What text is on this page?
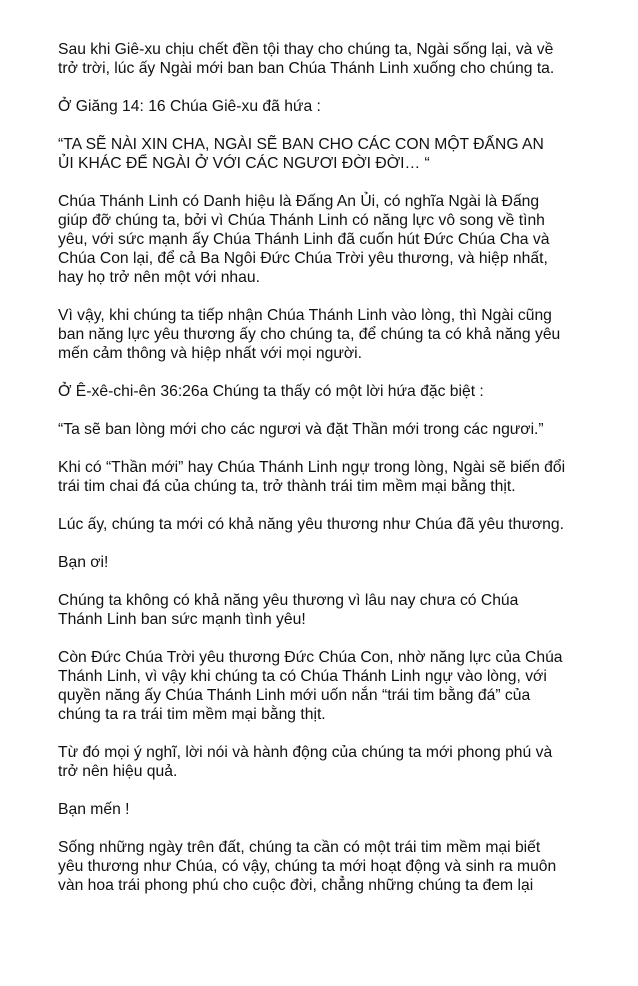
Sau khi Giê-xu chịu chết đền tội thay cho chúng ta, Ngài sống lại, và về
trở trời, lúc ấy Ngài mới ban ban Chúa Thánh Linh xuống cho chúng ta.

Ở Giăng 14: 16 Chúa Giê-xu đã hứa :

“TA SẼ NÀI XIN CHA, NGÀI SẼ BAN CHO CÁC CON MỘT ĐẤNG AN
ỦI KHÁC ĐỂ NGÀI Ở VỚI CÁC NGƯƠI ĐỜI ĐỜI… “

Chúa Thánh Linh có Danh hiệu là Đấng An Ủi, có nghĩa Ngài là Đấng
giúp đỡ chúng ta, bởi vì Chúa Thánh Linh có năng lực vô song về tình
yêu, với sức mạnh ấy Chúa Thánh Linh đã cuốn hút Đức Chúa Cha và
Chúa Con lại, để cả Ba Ngôi Đức Chúa Trời yêu thương, và hiệp nhất,
hay họ trở nên một với nhau.

Vì vậy, khi chúng ta tiếp nhận Chúa Thánh Linh vào lòng, thì Ngài cũng
ban năng lực yêu thương ấy cho chúng ta, để chúng ta có khả năng yêu
mến cảm thông và hiệp nhất với mọi người.

Ở Ê-xê-chi-ên 36:26a Chúng ta thấy có một lời hứa đặc biệt :

“Ta sẽ ban lòng mới cho các ngươi và đặt Thần mới trong các ngươi.”

Khi có “Thần mới” hay Chúa Thánh Linh ngự trong lòng, Ngài sẽ biến đổi
trái tim chai đá của chúng ta, trở thành trái tim mềm mại bằng thịt.

Lúc ấy, chúng ta mới có khả năng yêu thương như Chúa đã yêu thương.

Bạn ơi!

Chúng ta không có khả năng yêu thương vì lâu nay chưa có Chúa
Thánh Linh ban sức mạnh tình yêu!

Còn Đức Chúa Trời yêu thương Đức Chúa Con, nhờ năng lực của Chúa
Thánh Linh, vì vậy khi chúng ta có Chúa Thánh Linh ngự vào lòng, với
quyền năng ấy Chúa Thánh Linh mới uốn nắn “trái tim bằng đá” của
chúng ta ra trái tim mềm mại bằng thịt.

Từ đó mọi ý nghĩ, lời nói và hành động của chúng ta mới phong phú và
trở nên hiệu quả.

Bạn mến !

Sống những ngày trên đất, chúng ta cần có một trái tim mềm mại biết
yêu thương như Chúa, có vậy, chúng ta mới hoạt động và sinh ra muôn
vàn hoa trái phong phú cho cuộc đời, chẳng những chúng ta đem lại
